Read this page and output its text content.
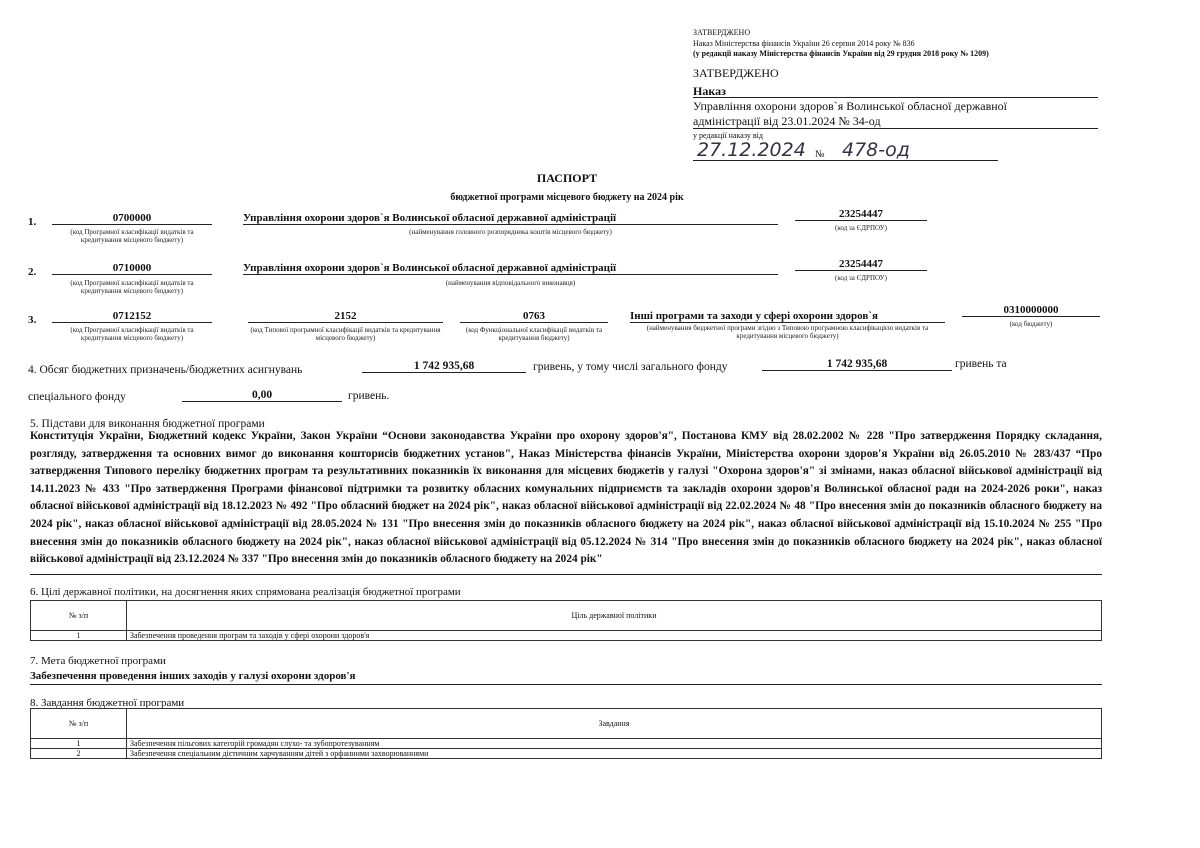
ЗАТВЕРДЖЕНО
Наказ Міністерства фінансів України 26 серпня 2014 року № 836
(у редакції наказу Міністерства фінансів України від 29 грудня 2018 року № 1209)
ЗАТВЕРДЖЕНО
Наказ
Управління охорони здоров`я Волинської обласної державної
адміністрації від 23.01.2024 № 34-од
у редакції наказу від
27.12.2024 № 478-од
ПАСПОРТ
бюджетної програми місцевого бюджету на 2024 рік
1.	0700000
(код Програмної класифікації видатків та кредитування місцевого бюджету)
Управління охорони здоров`я Волинської обласної державної адміністрації
(найменування головного розпорядника коштів місцевого бюджету)
23254447
(код за ЄДРПОУ)
2.	0710000
(код Програмної класифікації видатків та кредитування місцевого бюджету)
Управління охорони здоров`я Волинської обласної державної адміністрації
(найменування відповідального виконавця)
23254447
(код за ЄДРПОУ)
3.	0712152
(код Програмної класифікації видатків та кредитування місцевого бюджету)
2152
(код Типової програмної класифікації видатків та кредитування місцевого бюджету)
0763
(код Функціональної класифікації видатків та кредитування бюджету)
Інші програми та заходи у сфері охорони здоров`я
(найменування бюджетної програми згідно з Типовою програмною класифікацією видатків та кредитування місцевого бюджету)
0310000000
(код бюджету)
4. Обсяг бюджетних призначень/бюджетних асигнувань	1 742 935,68	гривень, у тому числі загального фонду	1 742 935,68	гривень та
спеціального фонду	0,00	гривень.
5. Підстави для виконання бюджетної програми
Конституція України, Бюджетний кодекс України, Закон України “Основи законодавства України про охорону здоров'я", Постанова КМУ від 28.02.2002 № 228 "Про затвердження Порядку складання, розгляду, затвердження та основних вимог до виконання кошторисів бюджетних установ", Наказ Міністерства фінансів України, Міністерства охорони здоров'я України від 26.05.2010 № 283/437 “Про затвердження Типового переліку бюджетних програм та результативних показників їх виконання для місцевих бюджетів у галузі "Охорона здоров'я" зі змінами, наказ обласної військової адміністрації від 14.11.2023 № 433 "Про затвердження Програми фінансової підтримки та розвитку обласних комунальних підприємств та закладів охорони здоров'я Волинської обласної ради на 2024-2026 роки", наказ обласної військової адміністрації від 18.12.2023 № 492 "Про обласний бюджет на 2024 рік", наказ обласної військової адміністрації від 22.02.2024 № 48 "Про внесення змін до показників обласного бюджету на 2024 рік", наказ обласної військової адміністрації від 28.05.2024 № 131 "Про внесення змін до показників обласного бюджету на 2024 рік", наказ обласної військової адміністрації від 15.10.2024 № 255 "Про внесення змін до показників обласного бюджету на 2024 рік", наказ обласної військової адміністрації від 05.12.2024 № 314 "Про внесення змін до показників обласного бюджету на 2024 рік", наказ обласної військової адміністрації від 23.12.2024 № 337 "Про внесення змін до показників обласного бюджету на 2024 рік"
6. Цілі державної політики, на досягнення яких спрямована реалізація бюджетної програми
№ з/п	Ціль державної політики
1	Забезпечення проведення програм та заходів у сфері охорони здоров'я
7. Мета бюджетної програми
Забезпечення проведення інших заходів у галузі охорони здоров'я
8. Завдання бюджетної програми
№ з/п	Завдання
1	Забезпечення пільгових категорій громадян слухо- та зубопротезуванням
2	Забезпечення спеціальним дієтичним харчуванням дітей з орфанними захворюваннями
